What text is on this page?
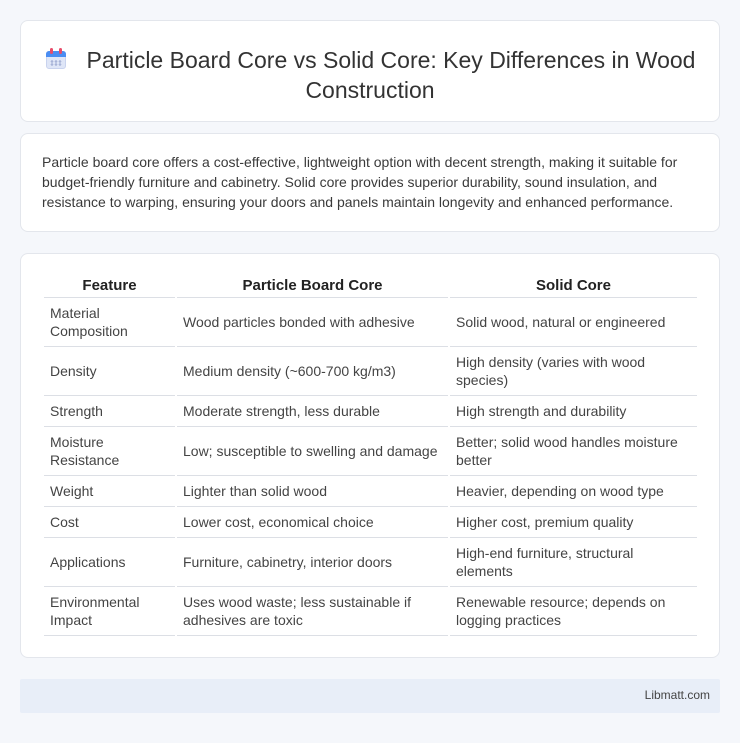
Particle Board Core vs Solid Core: Key Differences in Wood Construction

Particle board core offers a cost-effective, lightweight option with decent strength, making it suitable for budget-friendly furniture and cabinetry. Solid core provides superior durability, sound insulation, and resistance to warping, ensuring your doors and panels maintain longevity and enhanced performance.

Feature	Particle Board Core	Solid Core
Material Composition	Wood particles bonded with adhesive	Solid wood, natural or engineered
Density	Medium density (~600-700 kg/m3)	High density (varies with wood species)
Strength	Moderate strength, less durable	High strength and durability
Moisture Resistance	Low; susceptible to swelling and damage	Better; solid wood handles moisture better
Weight	Lighter than solid wood	Heavier, depending on wood type
Cost	Lower cost, economical choice	Higher cost, premium quality
Applications	Furniture, cabinetry, interior doors	High-end furniture, structural elements
Environmental Impact	Uses wood waste; less sustainable if adhesives are toxic	Renewable resource; depends on logging practices
Libmatt.com
